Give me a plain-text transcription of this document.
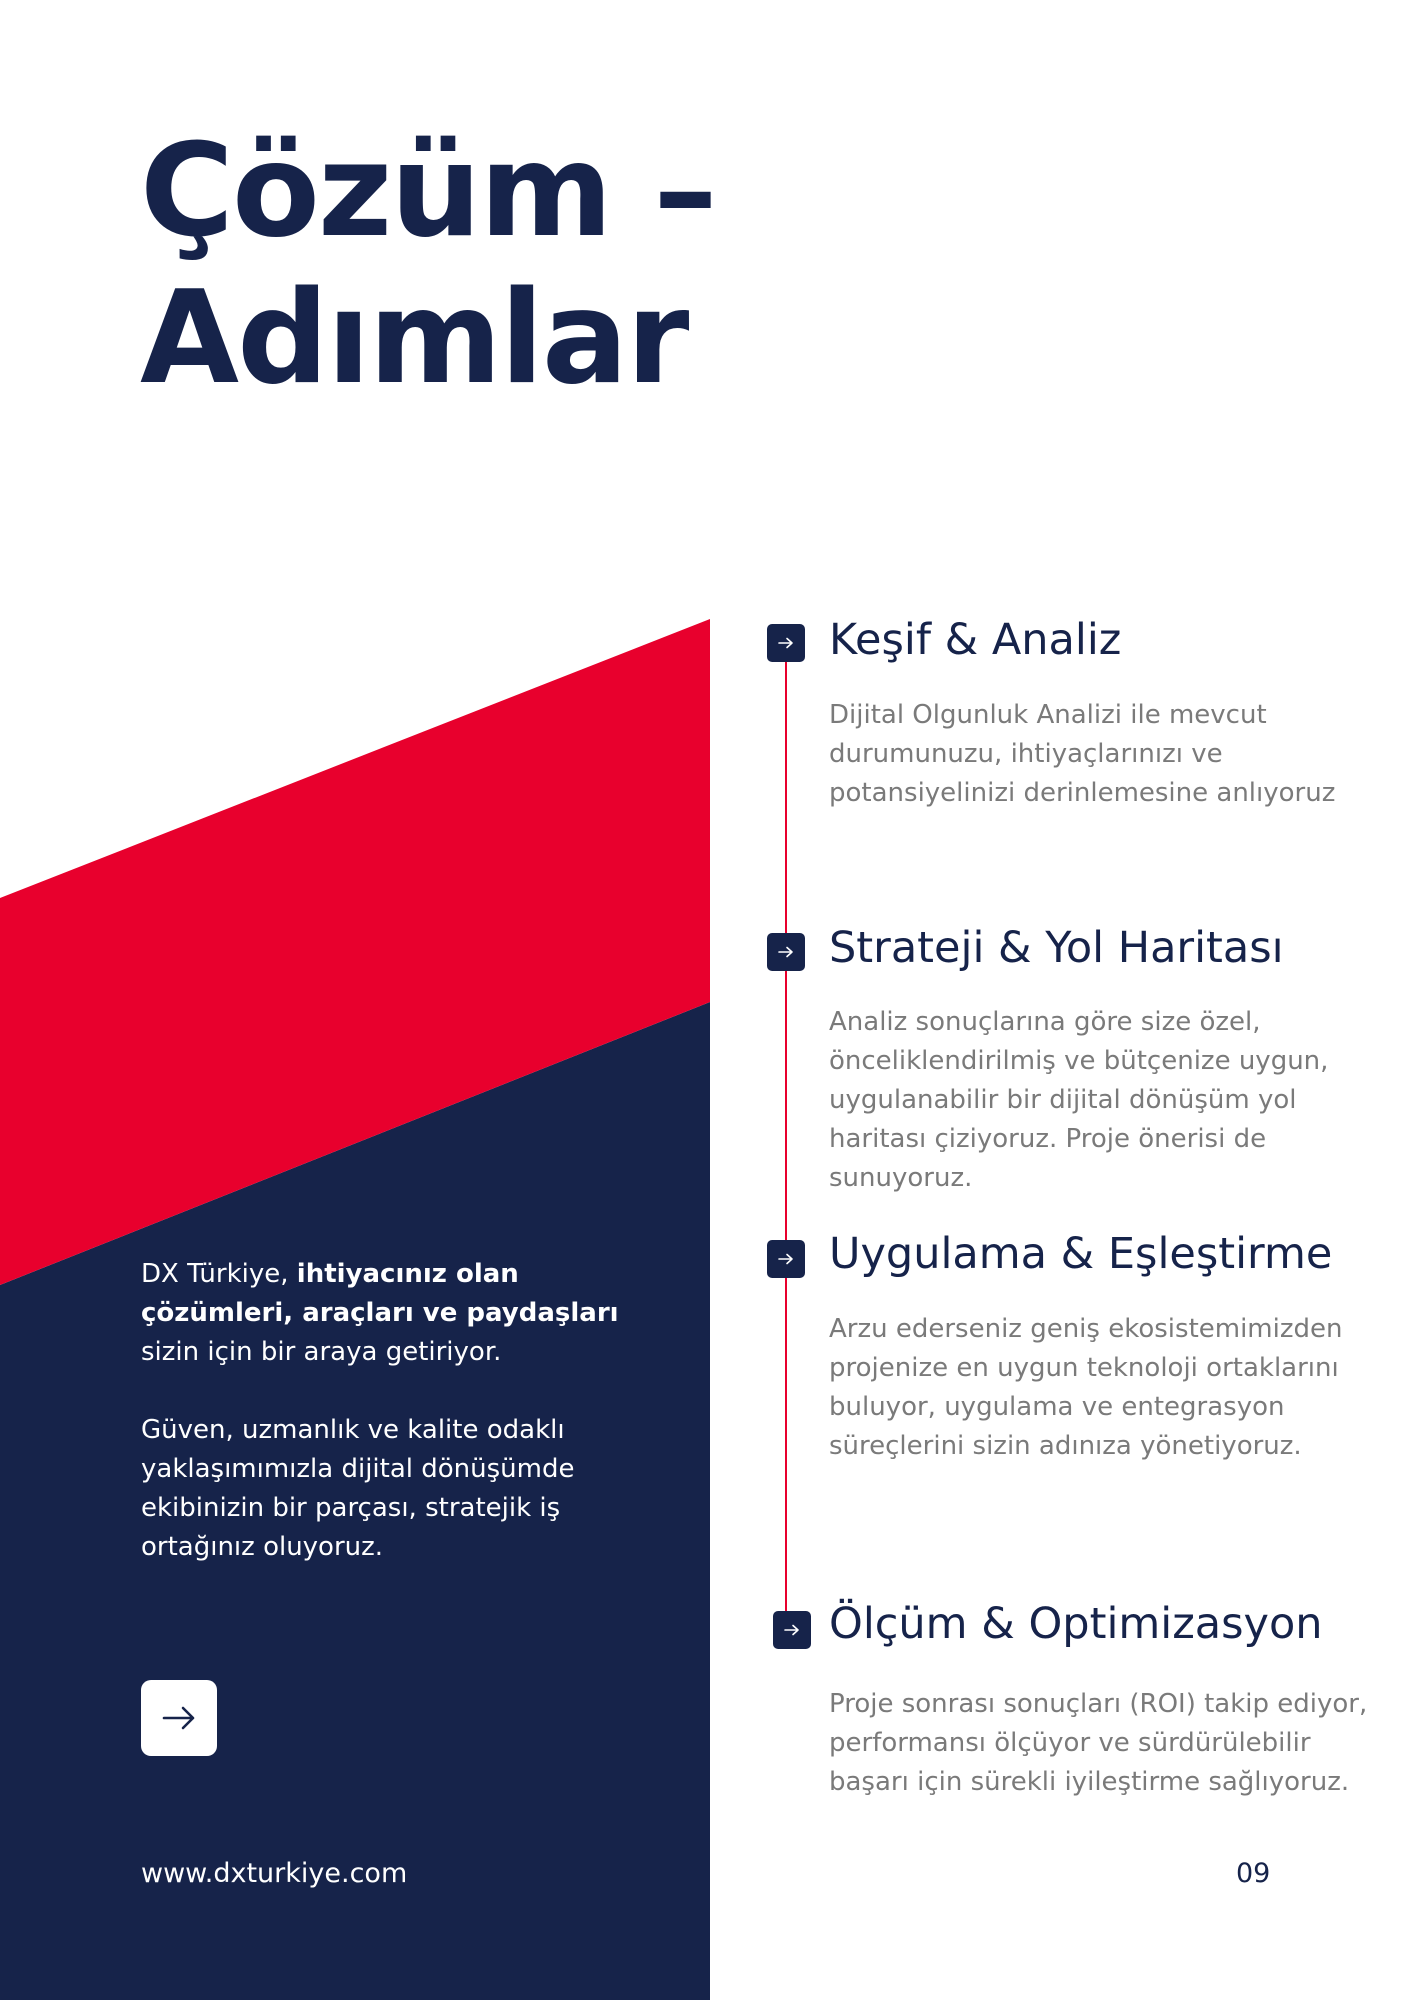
Çözüm –
Adımlar

DX Türkiye, ihtiyacınız olan çözümleri, araçları ve paydaşları sizin için bir araya getiriyor.

Güven, uzmanlık ve kalite odaklı yaklaşımımızla dijital dönüşümde ekibinizin bir parçası, stratejik iş ortağınız oluyoruz.

www.dxturkiye.com
Keşif & Analiz

Dijital Olgunluk Analizi ile mevcut durumunuzu, ihtiyaçlarınızı ve potansiyelinizi derinlemesine anlıyoruz

Strateji & Yol Haritası

Analiz sonuçlarına göre size özel, önceliklendirilmiş ve bütçenize uygun, uygulanabilir bir dijital dönüşüm yol haritası çiziyoruz. Proje önerisi de sunuyoruz.

Uygulama & Eşleştirme

Arzu ederseniz geniş ekosistemimizden projenize en uygun teknoloji ortaklarını buluyor, uygulama ve entegrasyon süreçlerini sizin adınıza yönetiyoruz.

Ölçüm & Optimizasyon

Proje sonrası sonuçları (ROI) takip ediyor, performansı ölçüyor ve sürdürülebilir başarı için sürekli iyileştirme sağlıyoruz.

09
